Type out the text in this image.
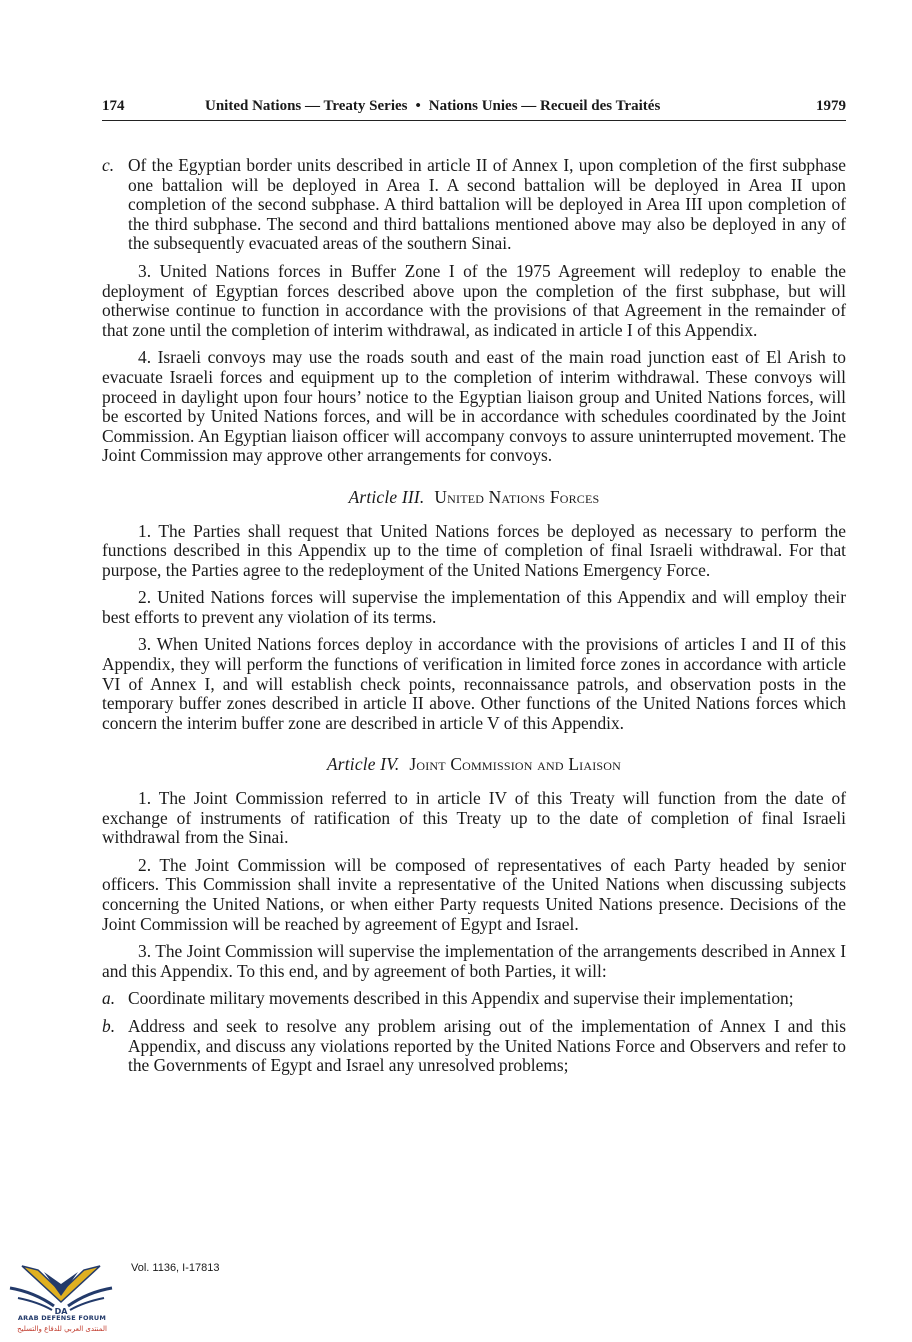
174	United Nations — Treaty Series • Nations Unies — Recueil des Traités	1979

c. Of the Egyptian border units described in article II of Annex I, upon completion of the first subphase one battalion will be deployed in Area I. A second battalion will be deployed in Area II upon completion of the second subphase. A third battalion will be deployed in Area III upon completion of the third subphase. The second and third battalions mentioned above may also be deployed in any of the subsequently evacuated areas of the southern Sinai.

3. United Nations forces in Buffer Zone I of the 1975 Agreement will redeploy to enable the deployment of Egyptian forces described above upon the completion of the first subphase, but will otherwise continue to function in accordance with the provisions of that Agreement in the remainder of that zone until the completion of interim withdrawal, as indicated in article I of this Appendix.

4. Israeli convoys may use the roads south and east of the main road junction east of El Arish to evacuate Israeli forces and equipment up to the completion of interim withdrawal. These convoys will proceed in daylight upon four hours’ notice to the Egyptian liaison group and United Nations forces, will be escorted by United Nations forces, and will be in accordance with schedules coordinated by the Joint Commission. An Egyptian liaison officer will accompany convoys to assure uninterrupted movement. The Joint Commission may approve other arrangements for convoys.

Article III. United Nations Forces

1. The Parties shall request that United Nations forces be deployed as necessary to perform the functions described in this Appendix up to the time of completion of final Israeli withdrawal. For that purpose, the Parties agree to the redeployment of the United Nations Emergency Force.

2. United Nations forces will supervise the implementation of this Appendix and will employ their best efforts to prevent any violation of its terms.

3. When United Nations forces deploy in accordance with the provisions of articles I and II of this Appendix, they will perform the functions of verification in limited force zones in accordance with article VI of Annex I, and will establish check points, reconnaissance patrols, and observation posts in the temporary buffer zones described in article II above. Other functions of the United Nations forces which concern the interim buffer zone are described in article V of this Appendix.

Article IV. Joint Commission and Liaison

1. The Joint Commission referred to in article IV of this Treaty will function from the date of exchange of instruments of ratification of this Treaty up to the date of completion of final Israeli withdrawal from the Sinai.

2. The Joint Commission will be composed of representatives of each Party headed by senior officers. This Commission shall invite a representative of the United Nations when discussing subjects concerning the United Nations, or when either Party requests United Nations presence. Decisions of the Joint Commission will be reached by agreement of Egypt and Israel.

3. The Joint Commission will supervise the implementation of the arrangements described in Annex I and this Appendix. To this end, and by agreement of both Parties, it will:

a. Coordinate military movements described in this Appendix and supervise their implementation;

b. Address and seek to resolve any problem arising out of the implementation of Annex I and this Appendix, and discuss any violations reported by the United Nations Force and Observers and refer to the Governments of Egypt and Israel any unresolved problems;

Vol. 1136, I-17813
DA
ARAB DEFENSE FORUM
المنتدى العربي للدفاع والتسليح
